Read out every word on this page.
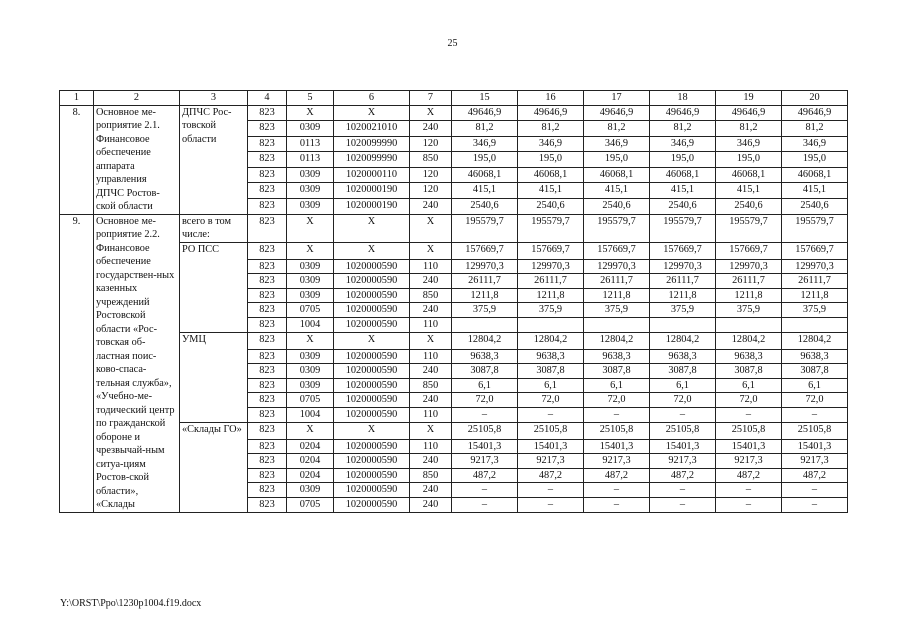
25
1	2	3	4	5	6	7	15	16	17	18	19	20
8.	Основное ме-роприятие 2.1. Финансовое обеспечение аппарата управления ДПЧС Ростов-ской области	ДПЧС Рос-товской области	823	X	X	X	49646,9	49646,9	49646,9	49646,9	49646,9	49646,9
			823	0309	1020021010	240	81,2	81,2	81,2	81,2	81,2	81,2
			823	0113	1020099990	120	346,9	346,9	346,9	346,9	346,9	346,9
			823	0113	1020099990	850	195,0	195,0	195,0	195,0	195,0	195,0
			823	0309	1020000110	120	46068,1	46068,1	46068,1	46068,1	46068,1	46068,1
			823	0309	1020000190	120	415,1	415,1	415,1	415,1	415,1	415,1
			823	0309	1020000190	240	2540,6	2540,6	2540,6	2540,6	2540,6	2540,6
9.	Основное ме-роприятие 2.2. Финансовое обеспечение государствен-ных казенных учреждений Ростовской области «Рос-товская об-ластная поис-ково-спаса-тельная служба», «Учебно-ме-тодический центр по гражданской обороне и чрезвычай-ным ситуа-циям Ростов-ской области», «Склады	всего в том числе:	823	X	X	X	195579,7	195579,7	195579,7	195579,7	195579,7	195579,7
		РО ПСС	823	X	X	X	157669,7	157669,7	157669,7	157669,7	157669,7	157669,7
			823	0309	1020000590	110	129970,3	129970,3	129970,3	129970,3	129970,3	129970,3
			823	0309	1020000590	240	26111,7	26111,7	26111,7	26111,7	26111,7	26111,7
			823	0309	1020000590	850	1211,8	1211,8	1211,8	1211,8	1211,8	1211,8
			823	0705	1020000590	240	375,9	375,9	375,9	375,9	375,9	375,9
			823	1004	1020000590	110						
		УМЦ	823	X	X	X	12804,2	12804,2	12804,2	12804,2	12804,2	12804,2
			823	0309	1020000590	110	9638,3	9638,3	9638,3	9638,3	9638,3	9638,3
			823	0309	1020000590	240	3087,8	3087,8	3087,8	3087,8	3087,8	3087,8
			823	0309	1020000590	850	6,1	6,1	6,1	6,1	6,1	6,1
			823	0705	1020000590	240	72,0	72,0	72,0	72,0	72,0	72,0
			823	1004	1020000590	110	–	–	–	–	–	–
		«Склады ГО»	823	X	X	X	25105,8	25105,8	25105,8	25105,8	25105,8	25105,8
			823	0204	1020000590	110	15401,3	15401,3	15401,3	15401,3	15401,3	15401,3
			823	0204	1020000590	240	9217,3	9217,3	9217,3	9217,3	9217,3	9217,3
			823	0204	1020000590	850	487,2	487,2	487,2	487,2	487,2	487,2
			823	0309	1020000590	240	–	–	–	–	–	–
			823	0705	1020000590	240	–	–	–	–	–	–
Y:\ORST\Ppo\1230p1004.f19.docx
